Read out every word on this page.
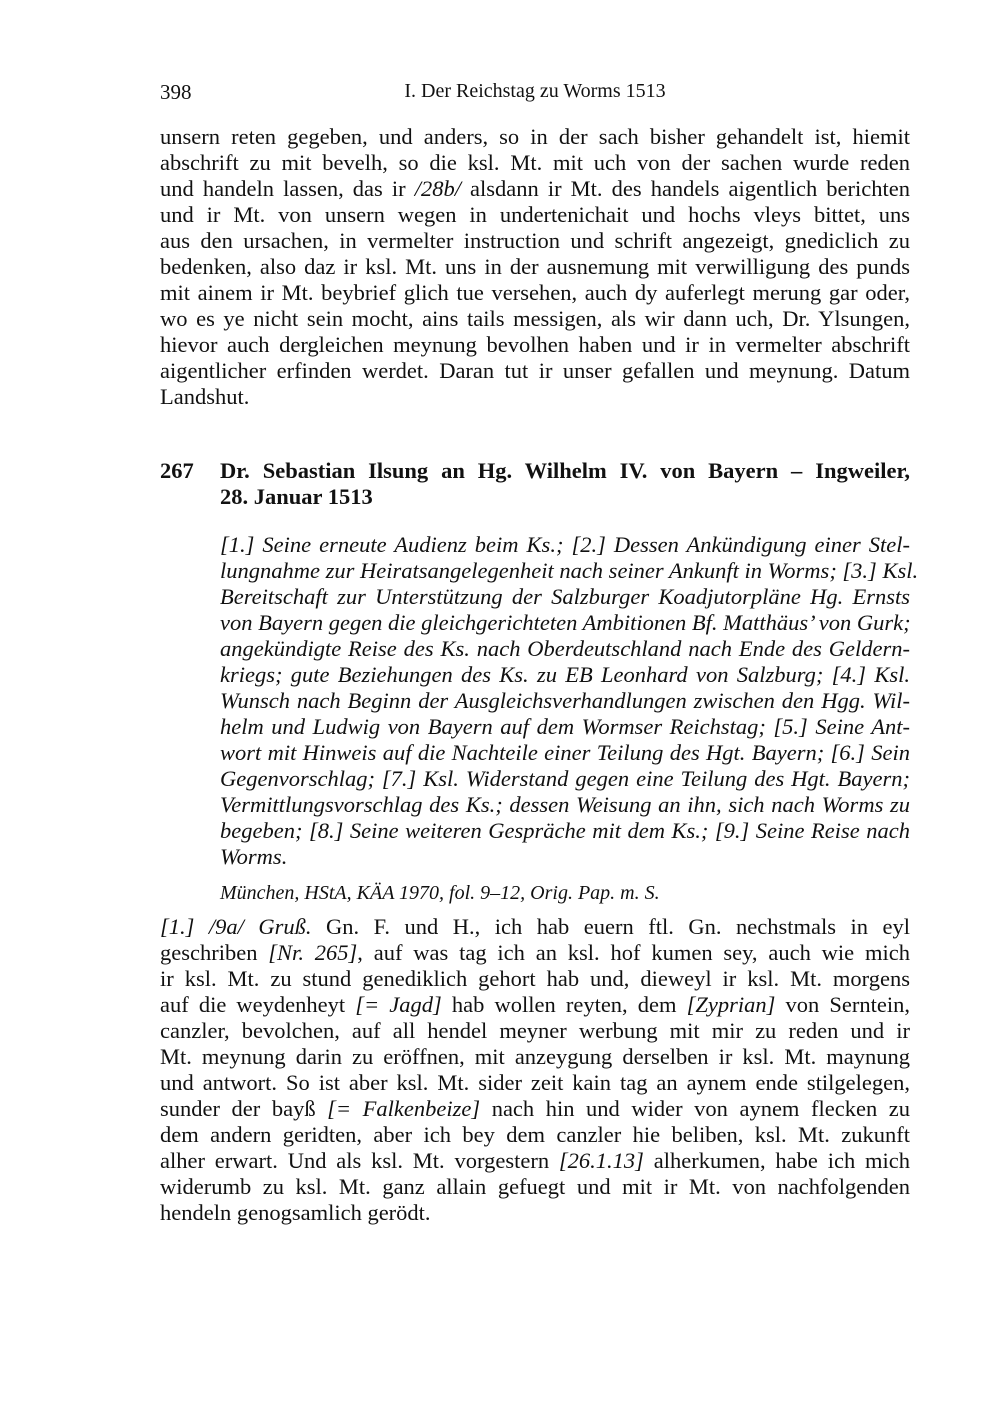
398	I. Der Reichstag zu Worms 1513
unsern reten gegeben, und anders, so in der sach bisher gehandelt ist, hiemit
abschrift zu mit bevelh, so die ksl. Mt. mit uch von der sachen wurde reden
und handeln lassen, das ir /28b/ alsdann ir Mt. des handels aigentlich berichten
und ir Mt. von unsern wegen in undertenichait und hochs vleys bittet, uns
aus den ursachen, in vermelter instruction und schrift angezeigt, gnediclich zu
bedenken, also daz ir ksl. Mt. uns in der ausnemung mit verwilligung des punds
mit ainem ir Mt. beybrief glich tue versehen, auch dy auferlegt merung gar oder,
wo es ye nicht sein mocht, ains tails messigen, als wir dann uch, Dr. Ylsungen,
hievor auch dergleichen meynung bevolhen haben und ir in vermelter abschrift
aigentlicher erfinden werdet. Daran tut ir unser gefallen und meynung. Datum
Landshut.
267 Dr. Sebastian Ilsung an Hg. Wilhelm IV. von Bayern – Ingweiler,
28. Januar 1513
[1.] Seine erneute Audienz beim Ks.; [2.] Dessen Ankündigung einer Stel-
lungnahme zur Heiratsangelegenheit nach seiner Ankunft in Worms; [3.] Ksl.
Bereitschaft zur Unterstützung der Salzburger Koadjutorpläne Hg. Ernsts
von Bayern gegen die gleichgerichteten Ambitionen Bf. Matthäus’ von Gurk;
angekündigte Reise des Ks. nach Oberdeutschland nach Ende des Geldern-
kriegs; gute Beziehungen des Ks. zu EB Leonhard von Salzburg; [4.] Ksl.
Wunsch nach Beginn der Ausgleichsverhandlungen zwischen den Hgg. Wil-
helm und Ludwig von Bayern auf dem Wormser Reichstag; [5.] Seine Ant-
wort mit Hinweis auf die Nachteile einer Teilung des Hgt. Bayern; [6.] Sein
Gegenvorschlag; [7.] Ksl. Widerstand gegen eine Teilung des Hgt. Bayern;
Vermittlungsvorschlag des Ks.; dessen Weisung an ihn, sich nach Worms zu
begeben; [8.] Seine weiteren Gespräche mit dem Ks.; [9.] Seine Reise nach
Worms.
München, HStA, KÄA 1970, fol. 9–12, Orig. Pap. m. S.
[1.] /9a/ Gruß. Gn. F. und H., ich hab euern ftl. Gn. nechstmals in eyl
geschriben [Nr. 265], auf was tag ich an ksl. hof kumen sey, auch wie mich
ir ksl. Mt. zu stund genediklich gehort hab und, dieweyl ir ksl. Mt. morgens
auf die weydenheyt [= Jagd] hab wollen reyten, dem [Zyprian] von Serntein,
canzler, bevolchen, auf all hendel meyner werbung mit mir zu reden und ir
Mt. meynung darin zu eröffnen, mit anzeygung derselben ir ksl. Mt. maynung
und antwort. So ist aber ksl. Mt. sider zeit kain tag an aynem ende stilgelegen,
sunder der bayß [= Falkenbeize] nach hin und wider von aynem flecken zu
dem andern geridten, aber ich bey dem canzler hie beliben, ksl. Mt. zukunft
alher erwart. Und als ksl. Mt. vorgestern [26.1.13] alherkumen, habe ich mich
widerumb zu ksl. Mt. ganz allain gefuegt und mit ir Mt. von nachfolgenden
hendeln genogsamlich gerödt.
